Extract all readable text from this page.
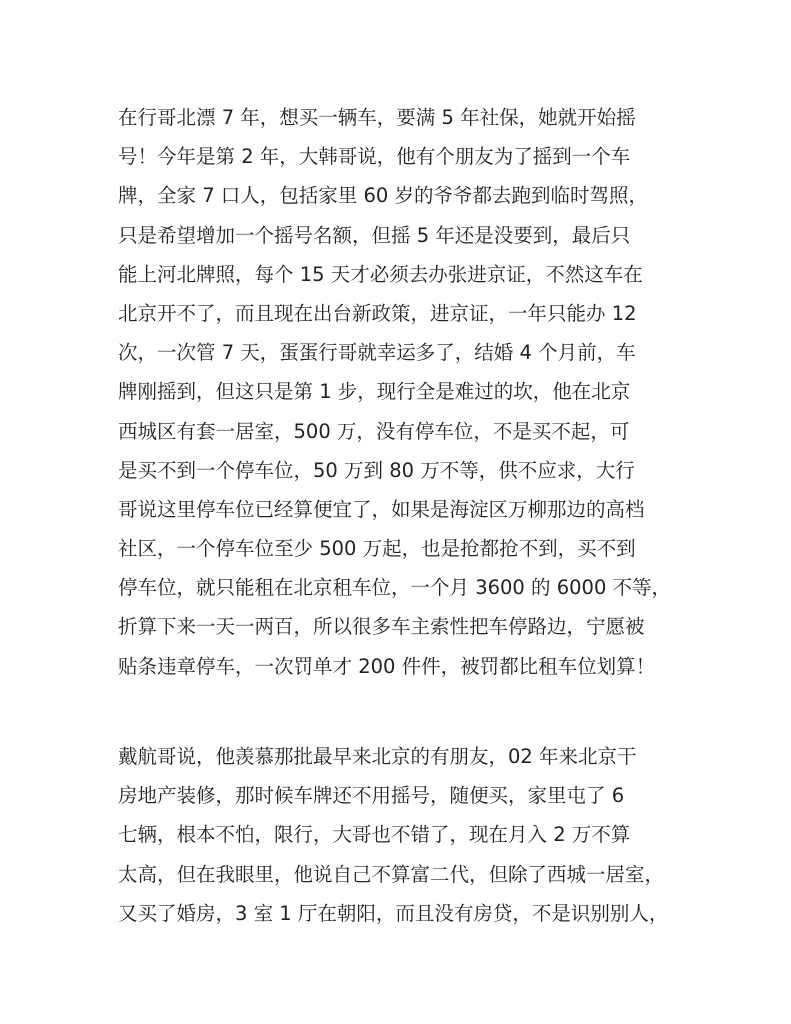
在行哥北漂 7 年，想买一辆车，要满 5 年社保，她就开始摇
号！今年是第 2 年，大韩哥说，他有个朋友为了摇到一个车
牌，全家 7 口人，包括家里 60 岁的爷爷都去跑到临时驾照，
只是希望增加一个摇号名额，但摇 5 年还是没要到，最后只
能上河北牌照，每个 15 天才必须去办张进京证，不然这车在
北京开不了，而且现在出台新政策，进京证，一年只能办 12
次，一次管 7 天，蛋蛋行哥就幸运多了，结婚 4 个月前，车
牌刚摇到，但这只是第 1 步，现行全是难过的坎，他在北京
西城区有套一居室，500 万，没有停车位，不是买不起，可
是买不到一个停车位，50 万到 80 万不等，供不应求，大行
哥说这里停车位已经算便宜了，如果是海淀区万柳那边的高档
社区，一个停车位至少 500 万起，也是抢都抢不到，买不到
停车位，就只能租在北京租车位，一个月 3600 的 6000 不等，
折算下来一天一两百，所以很多车主索性把车停路边，宁愿被
贴条违章停车，一次罚单才 200 件件，被罚都比租车位划算！
戴航哥说，他羡慕那批最早来北京的有朋友，02 年来北京干
房地产装修，那时候车牌还不用摇号，随便买，家里屯了 6
七辆，根本不怕，限行，大哥也不错了，现在月入 2 万不算
太高，但在我眼里，他说自己不算富二代，但除了西城一居室，
又买了婚房，3 室 1 厅在朝阳，而且没有房贷，不是识别别人，
